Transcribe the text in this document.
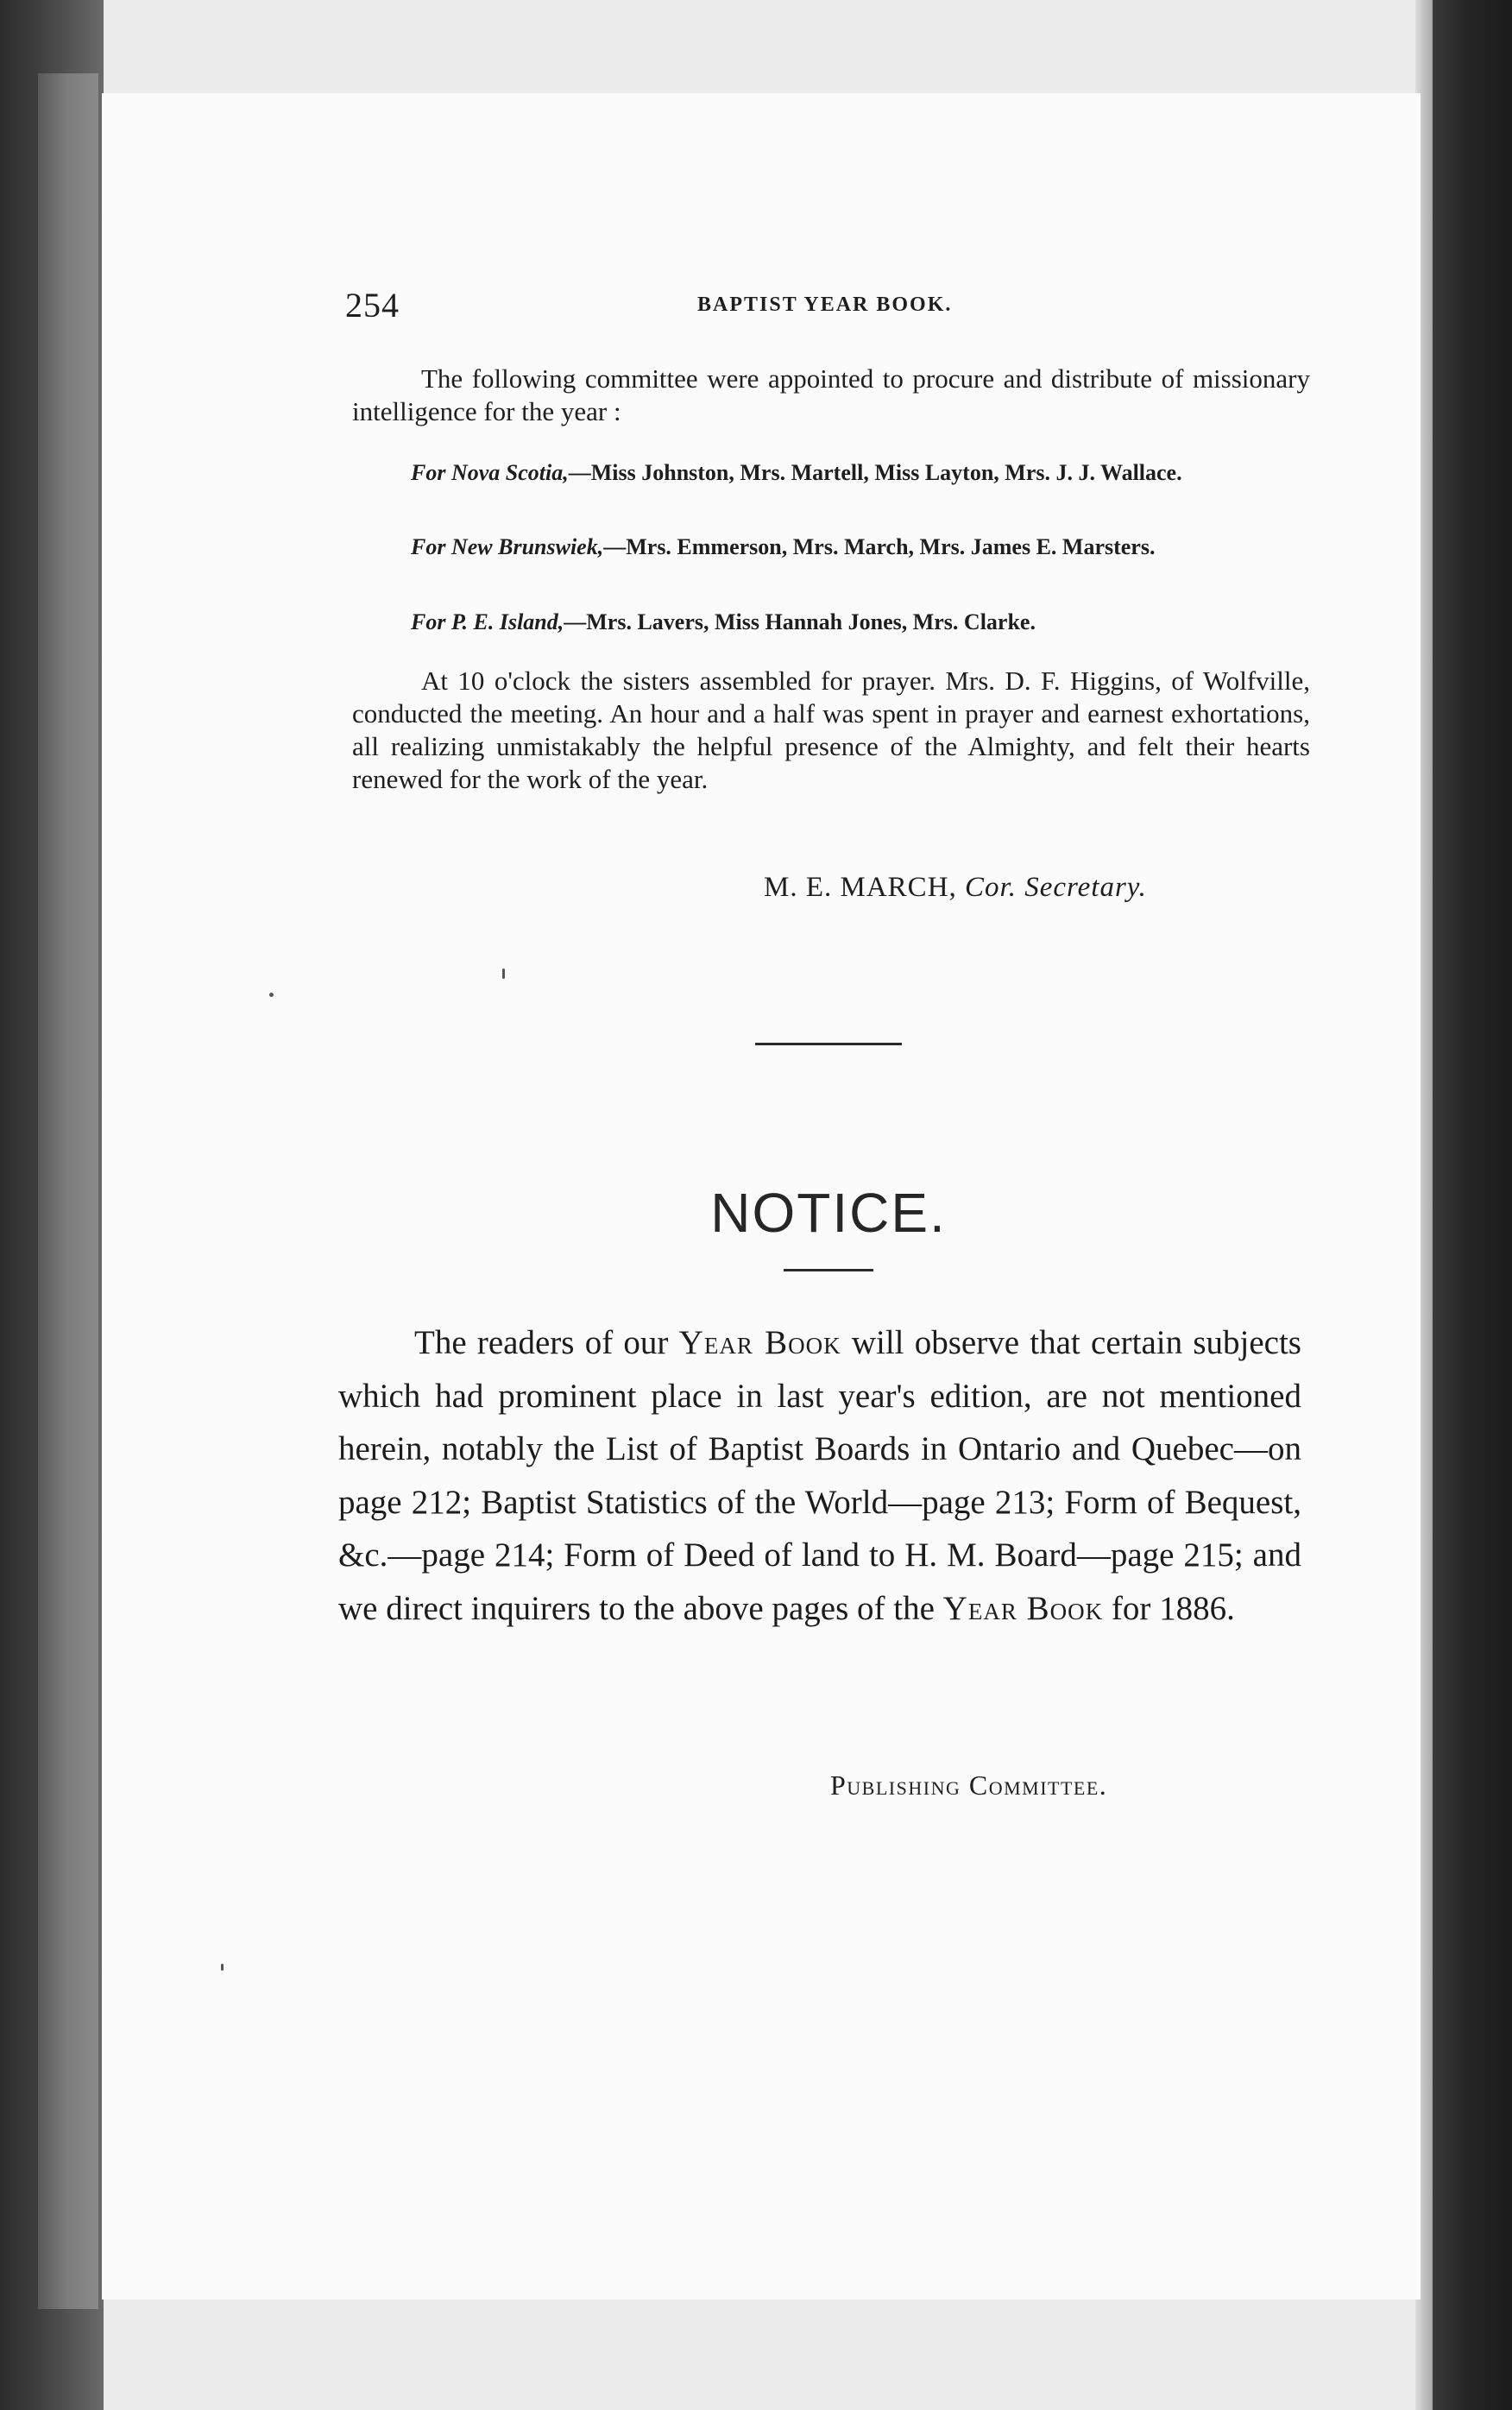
254	BAPTIST YEAR BOOK.
The following committee were appointed to procure and distribute of missionary intelligence for the year :
For Nova Scotia,—Miss Johnston, Mrs. Martell, Miss Layton, Mrs. J. J. Wallace.
For New Brunswiek,—Mrs. Emmerson, Mrs. March, Mrs. James E. Marsters.
For P. E. Island,—Mrs. Lavers, Miss Hannah Jones, Mrs. Clarke.
At 10 o'clock the sisters assembled for prayer. Mrs. D. F. Higgins, of Wolfville, conducted the meeting. An hour and a half was spent in prayer and earnest exhortations, all realizing unmistakably the helpful presence of the Almighty, and felt their hearts renewed for the work of the year.
M. E. MARCH, Cor. Secretary.
NOTICE.
The readers of our Year Book will observe that certain subjects which had prominent place in last year's edition, are not mentioned herein, notably the List of Baptist Boards in Ontario and Quebec—on page 212; Baptist Statistics of the World—page 213; Form of Bequest, &c.—page 214; Form of Deed of land to H. M. Board—page 215; and we direct inquirers to the above pages of the Year Book for 1886.
Publishing Committee.
